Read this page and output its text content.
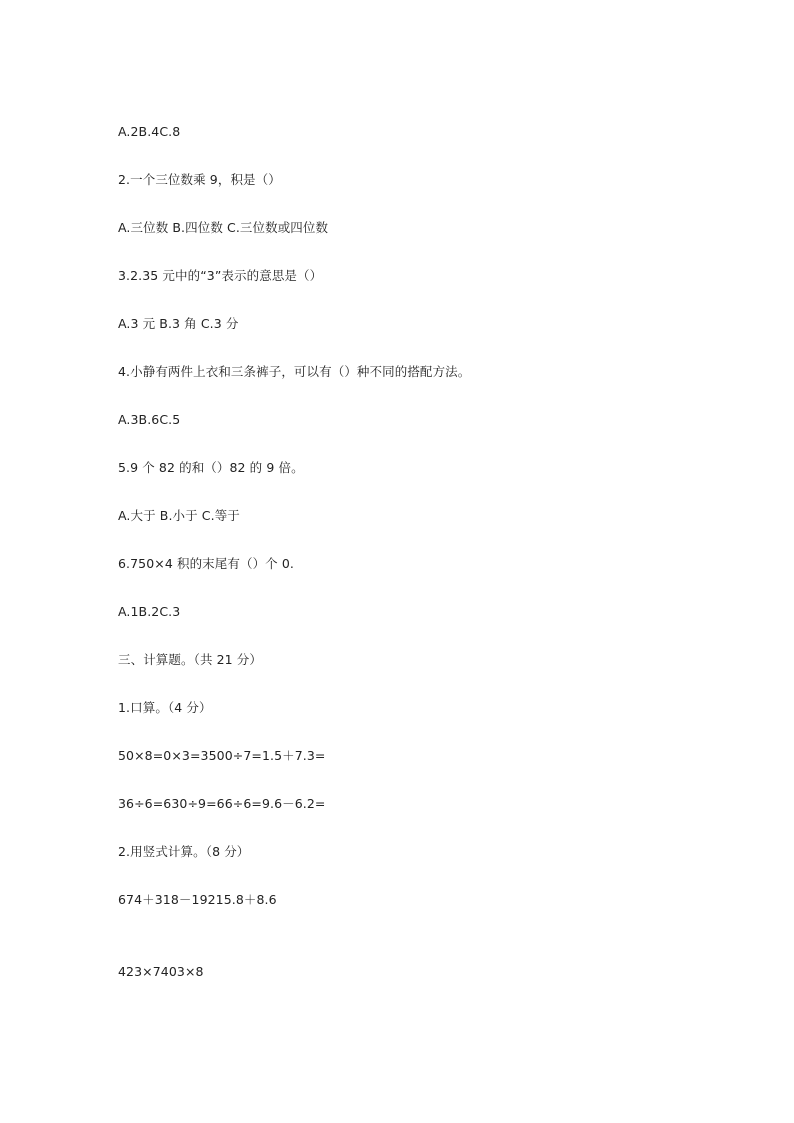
A.2B.4C.8
2.一个三位数乘 9，积是（）
A.三位数 B.四位数 C.三位数或四位数
3.2.35 元中的“3”表示的意思是（）
A.3 元 B.3 角 C.3 分
4.小静有两件上衣和三条裤子，可以有（）种不同的搭配方法。
A.3B.6C.5
5.9 个 82 的和（）82 的 9 倍。
A.大于 B.小于 C.等于
6.750×4 积的末尾有（）个 0.
A.1B.2C.3
三、计算题。（共 21 分）
1.口算。（4 分）
50×8=0×3=3500÷7=1.5＋7.3=
36÷6=630÷9=66÷6=9.6－6.2=
2.用竖式计算。（8 分）
674＋318－19215.8＋8.6
423×7403×8
